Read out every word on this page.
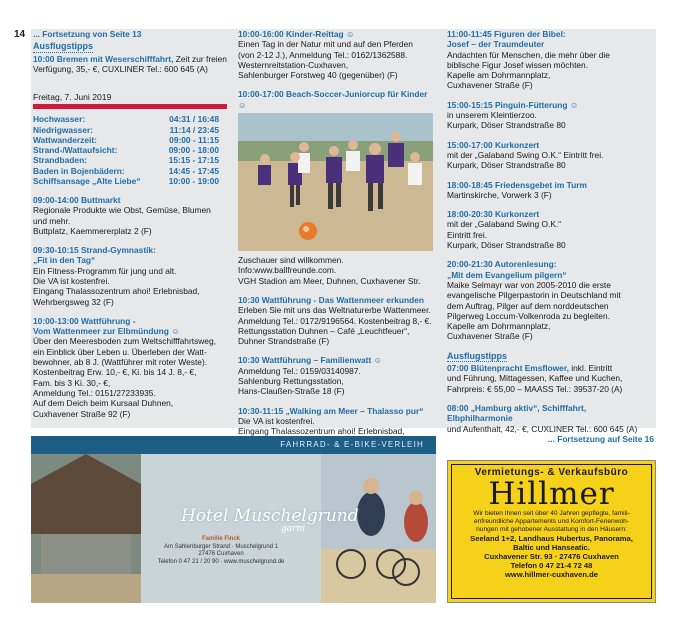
14 ... Fortsetzung von Seite 13
Ausflugstipps
10:00 Bremen mit Weserschifffahrt, Zeit zur freien
Verfügung, 35,- €, CUXLINER Tel.: 600 645 (A)
Freitag, 7. Juni 2019
Hochwasser:	04:31 / 16:48
Niedrigwasser:	11:14 / 23:45
Wattwanderzeit:	09:00 - 11:15
Strand-/Wattaufsicht:	09:00 - 18:00
Strandbaden:	15:15 - 17:15
Baden in Bojenbädern:	14:45 - 17:45
Schiffsansage „Alte Liebe“	10:00 - 19:00
09:00-14:00 Buttmarkt
Regionale Produkte wie Obst, Gemüse, Blumen
und mehr.
Buttplatz, Kaemmererplatz 2 (F)
09:30-10:15 Strand-Gymnastik:
„Fit in den Tag“
Ein Fitness-Programm für jung und alt.
Die VA ist kostenfrei.
Eingang Thalassozentrum ahoi! Erlebnisbad,
Wehrbergsweg 32 (F)
10:00-13:00 Wattführung -
Vom Wattenmeer zur Elbmündung ☺
Über den Meeresboden zum Weltschifffahrtsweg,
ein Einblick über Leben u. Überleben der Watt-
bewohner, ab 8 J. (Wattführer mit roter Weste).
Kostenbeitrag Erw. 10,- €, Ki. bis 14 J. 8,- €,
Fam. bis 3 Ki. 30,- €,
Anmeldung Tel.: 0151/27233935.
Auf dem Deich beim Kursaal Duhnen,
Cuxhavener Straße 92 (F)
10:00-16:00 Kinder-Reittag ☺
Einen Tag in der Natur mit und auf den Pferden
(von 2-12 J.), Anmeldung Tel.: 0162/1362588.
Westernreitstation-Cuxhaven,
Sahlenburger Forstweg 40 (gegenüber) (F)
10:00-17:00 Beach-Soccer-Juniorcup für Kinder ☺
Zuschauer sind willkommen.
Info:www.ballfreunde.com.
VGH Stadion am Meer, Duhnen, Cuxhavener Str.
10:30 Wattführung - Das Wattenmeer erkunden
Erleben Sie mit uns das Weltnaturerbe Wattenmeer.
Anmeldung Tel.: 0172/9196564. Kostenbeitrag 8,- €.
Rettungsstation Duhnen – Café „Leuchtfeuer“,
Duhner Strandstraße (F)
10:30 Wattführung – Familienwatt ☺
Anmeldung Tel.: 0159/03140987.
Sahlenburg Rettungsstation,
Hans-Claußen-Straße 18 (F)
10:30-11:15 „Walking am Meer – Thalasso pur“
Die VA ist kostenfrei.
Eingang Thalassozentrum ahoi! Erlebnisbad,
11:00-11:45 Figuren der Bibel:
Josef – der Traumdeuter
Andachten für Menschen, die mehr über die
biblische Figur Josef wissen möchten.
Kapelle am Dohrmannplatz,
Cuxhavener Straße (F)
15:00-15:15 Pinguin-Fütterung ☺
in unserem Kleintierzoo.
Kurpark, Döser Strandstraße 80
15:00-17:00 Kurkonzert
mit der „Galaband Swing O.K.“ Eintritt frei.
Kurpark, Döser Strandstraße 80
18:00-18:45 Friedensgebet im Turm
Martinskirche, Vorwerk 3 (F)
18:00-20:30 Kurkonzert
mit der „Galaband Swing O.K.“
Eintritt frei.
Kurpark, Döser Strandstraße 80
20:00-21:30 Autorenlesung:
„Mit dem Evangelium pilgern“
Maike Selmayr war von 2005-2010 die erste
evangelische Pilgerpastorin in Deutschland mit
dem Auftrag, Pilger auf dem norddeutschen
Pilgerweg Loccum-Volkenroda zu begleiten.
Kapelle am Dohrmannplatz,
Cuxhavener Straße (F)
Ausflugstipps
07:00 Blütenpracht Emsflower, inkl. Eintritt
und Führung, Mittagessen, Kaffee und Kuchen,
Fahrpreis: € 55,00 – MAASS Tel.: 39537-20 (A)
08:00 „Hamburg aktiv“, Schifffahrt, Elbphilharmonie
und Aufenthalt, 42,- €, CUXLINER Tel.: 600 645 (A)
... Fortsetzung auf Seite 16
FAHRRAD- & E-BIKE-VERLEIH
Hotel Muschelgrund
garni
Familie Finck
Am Sahlenburger Strand · Muschelgrund 1
27476 Cuxhaven
Telefon 0 47 21 / 20 90 · www.muschelgrund.de
Vermietungs- & Verkaufsbüro
Hillmer
Wir bieten Ihnen seit über 40 Jahren gepflegte, famili-
enfreundliche Appartements und Komfort-Ferienwoh-
nungen mit gehobener Ausstattung in den Häusern:
Seeland 1+2, Landhaus Hubertus, Panorama,
Baltic und Hanseatic.
Cuxhavener Str. 93 · 27476 Cuxhaven
Telefon 0 47 21-4 72 48
www.hillmer-cuxhaven.de
